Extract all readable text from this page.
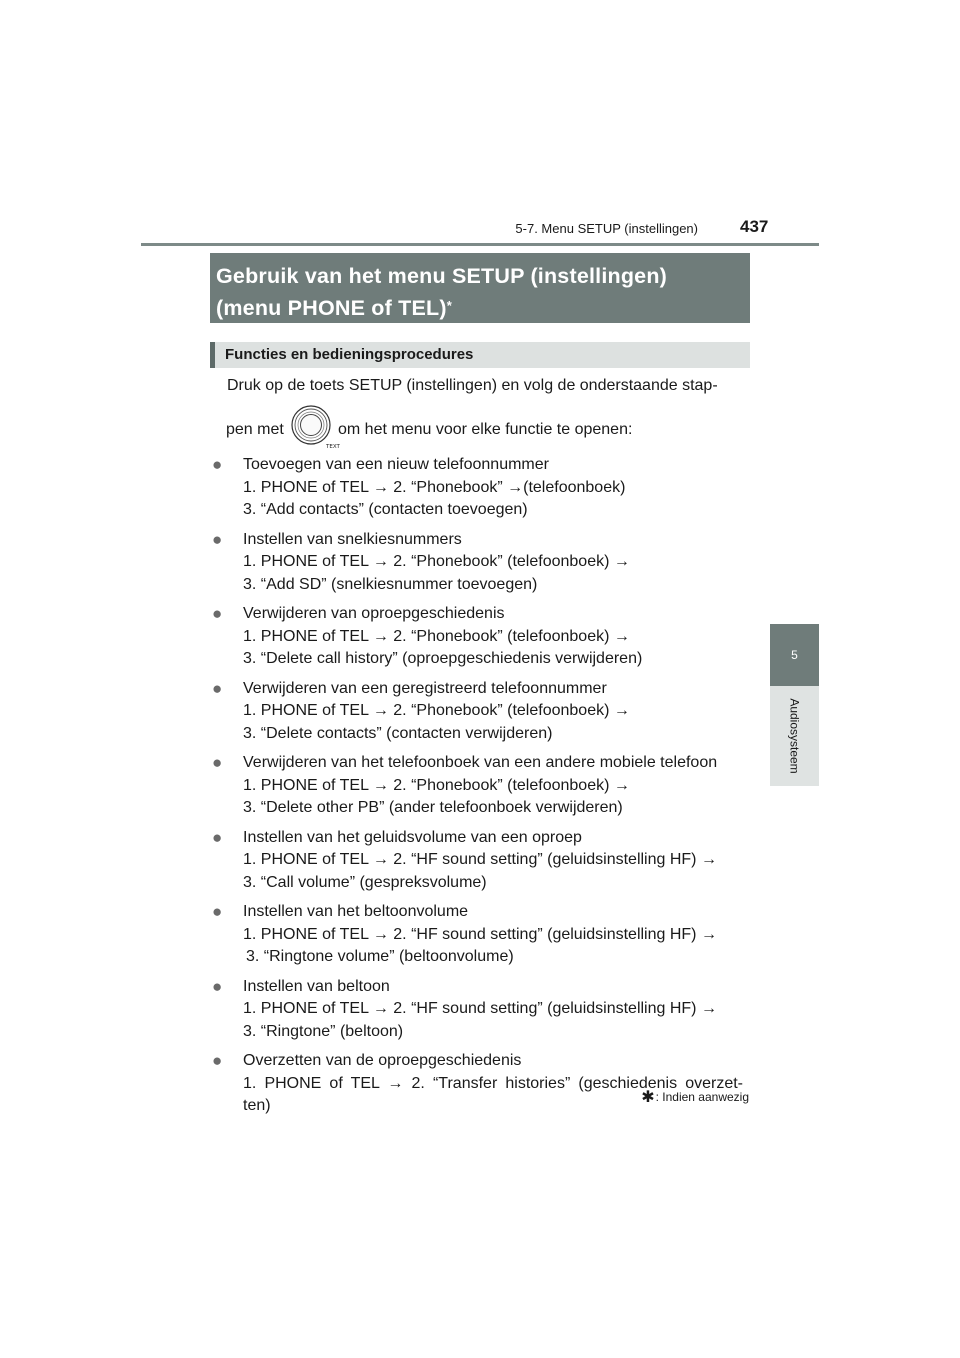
5-7. Menu SETUP (instellingen) 437
5
Audiosysteem
Gebruik van het menu SETUP (instellingen)
(menu PHONE of TEL)*
Functies en bedieningsprocedures
Druk op de toets SETUP (instellingen) en volg de onderstaande stap-
pen met
TEXT
om het menu voor elke functie te openen:
● Toevoegen van een nieuw telefoonnummer
1. PHONE of TEL → 2. “Phonebook” →(telefoonboek)
3. “Add contacts” (contacten toevoegen)
● Instellen van snelkiesnummers
1. PHONE of TEL → 2. “Phonebook” (telefoonboek) →
3. “Add SD” (snelkiesnummer toevoegen)
● Verwijderen van oproepgeschiedenis
1. PHONE of TEL → 2. “Phonebook” (telefoonboek) →
3. “Delete call history” (oproepgeschiedenis verwijderen)
● Verwijderen van een geregistreerd telefoonnummer
1. PHONE of TEL → 2. “Phonebook” (telefoonboek) →
3. “Delete contacts” (contacten verwijderen)
● Verwijderen van het telefoonboek van een andere mobiele telefoon
1. PHONE of TEL → 2. “Phonebook” (telefoonboek) →
3. “Delete other PB” (ander telefoonboek verwijderen)
● Instellen van het geluidsvolume van een oproep
1. PHONE of TEL → 2. “HF sound setting” (geluidsinstelling HF) →
3. “Call volume” (gespreksvolume)
● Instellen van het beltoonvolume
1. PHONE of TEL → 2. “HF sound setting” (geluidsinstelling HF) →
3. “Ringtone volume” (beltoonvolume)
● Instellen van beltoon
1. PHONE of TEL → 2. “HF sound setting” (geluidsinstelling HF) →
3. “Ringtone” (beltoon)
● Overzetten van de oproepgeschiedenis
1. PHONE of TEL → 2. “Transfer histories” (geschiedenis overzet-
ten)	✱: Indien aanwezig
